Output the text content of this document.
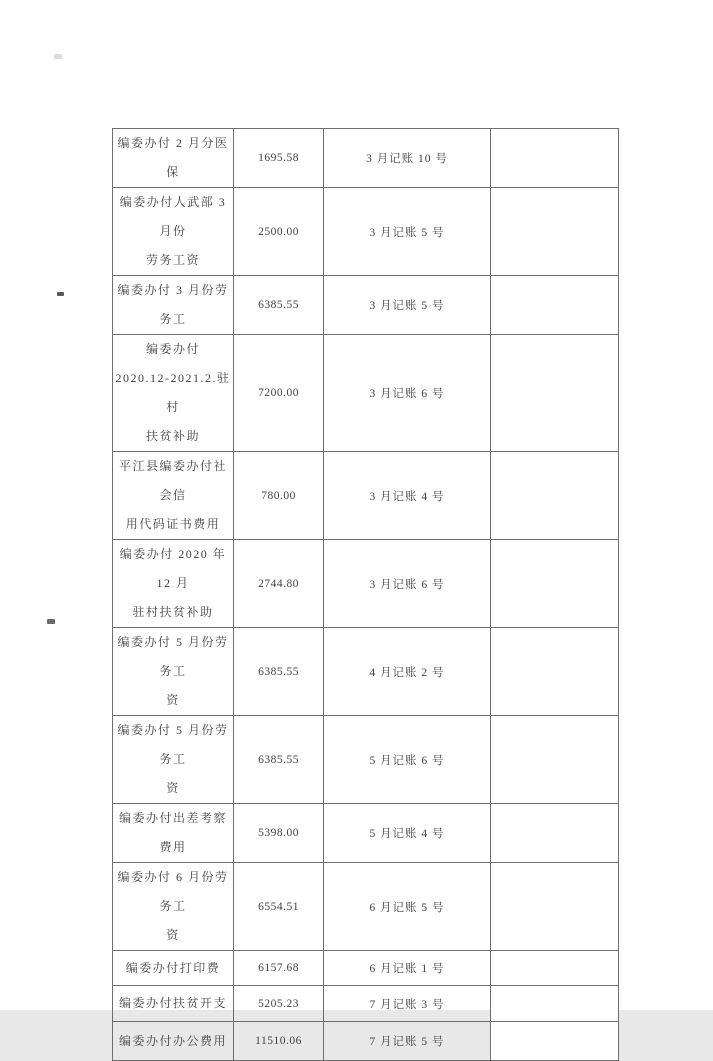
编委办付 2 月分医保	1695.58	3 月记账 10 号	

编委办付人武部 3 月份
劳务工资	2500.00	3 月记账 5 号	

编委办付 3 月份劳务工	6385.55	3 月记账 5 号	

编委办付
2020.12-2021.2.驻村
扶贫补助	7200.00	3 月记账 6 号	

平江县编委办付社会信
用代码证书费用	780.00	3 月记账 4 号	

编委办付 2020 年 12 月
驻村扶贫补助	2744.80	3 月记账 6 号	

编委办付 5 月份劳务工
资	6385.55	4 月记账 2 号	

编委办付 5 月份劳务工
资	6385.55	5 月记账 6 号	

编委办付出差考察费用	5398.00	5 月记账 4 号	

编委办付 6 月份劳务工
资	6554.51	6 月记账 5 号	

编委办付打印费	6157.68	6 月记账 1 号	

编委办付扶贫开支	5205.23	7 月记账 3 号	

编委办付办公费用	11510.06	7 月记账 5 号	
